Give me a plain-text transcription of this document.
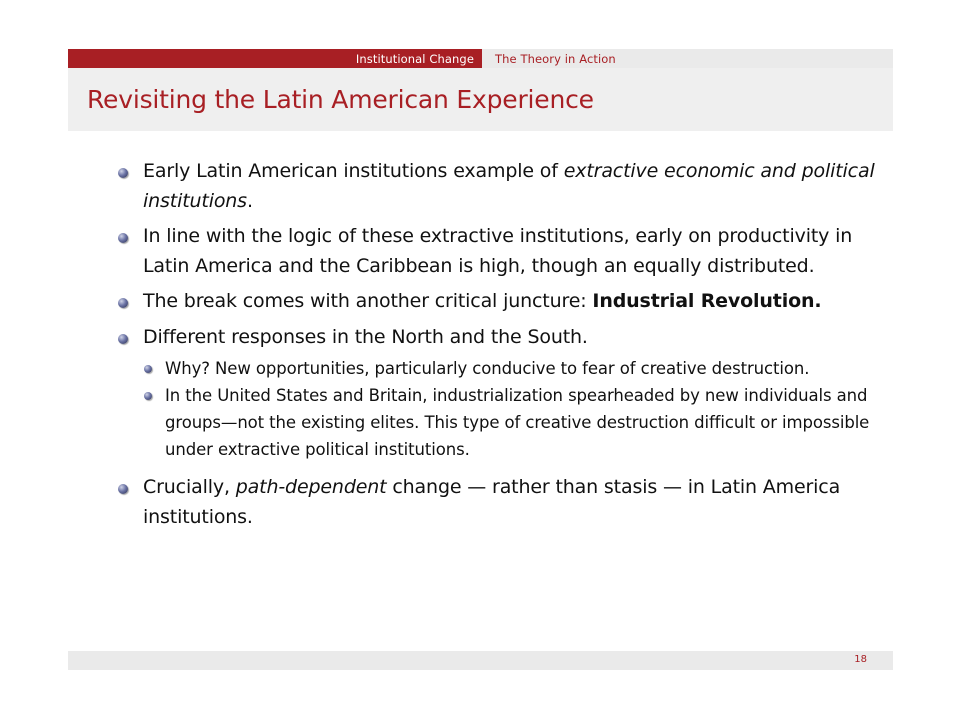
Institutional Change The Theory in Action
Revisiting the Latin American Experience
Early Latin American institutions example of extractive economic and political institutions.
In line with the logic of these extractive institutions, early on productivity in Latin America and the Caribbean is high, though an equally distributed.
The break comes with another critical juncture: Industrial Revolution.
Different responses in the North and the South.
Why? New opportunities, particularly conducive to fear of creative destruction.
In the United States and Britain, industrialization spearheaded by new individuals and groups—not the existing elites. This type of creative destruction difficult or impossible under extractive political institutions.
Crucially, path-dependent change — rather than stasis — in Latin America institutions.
18
